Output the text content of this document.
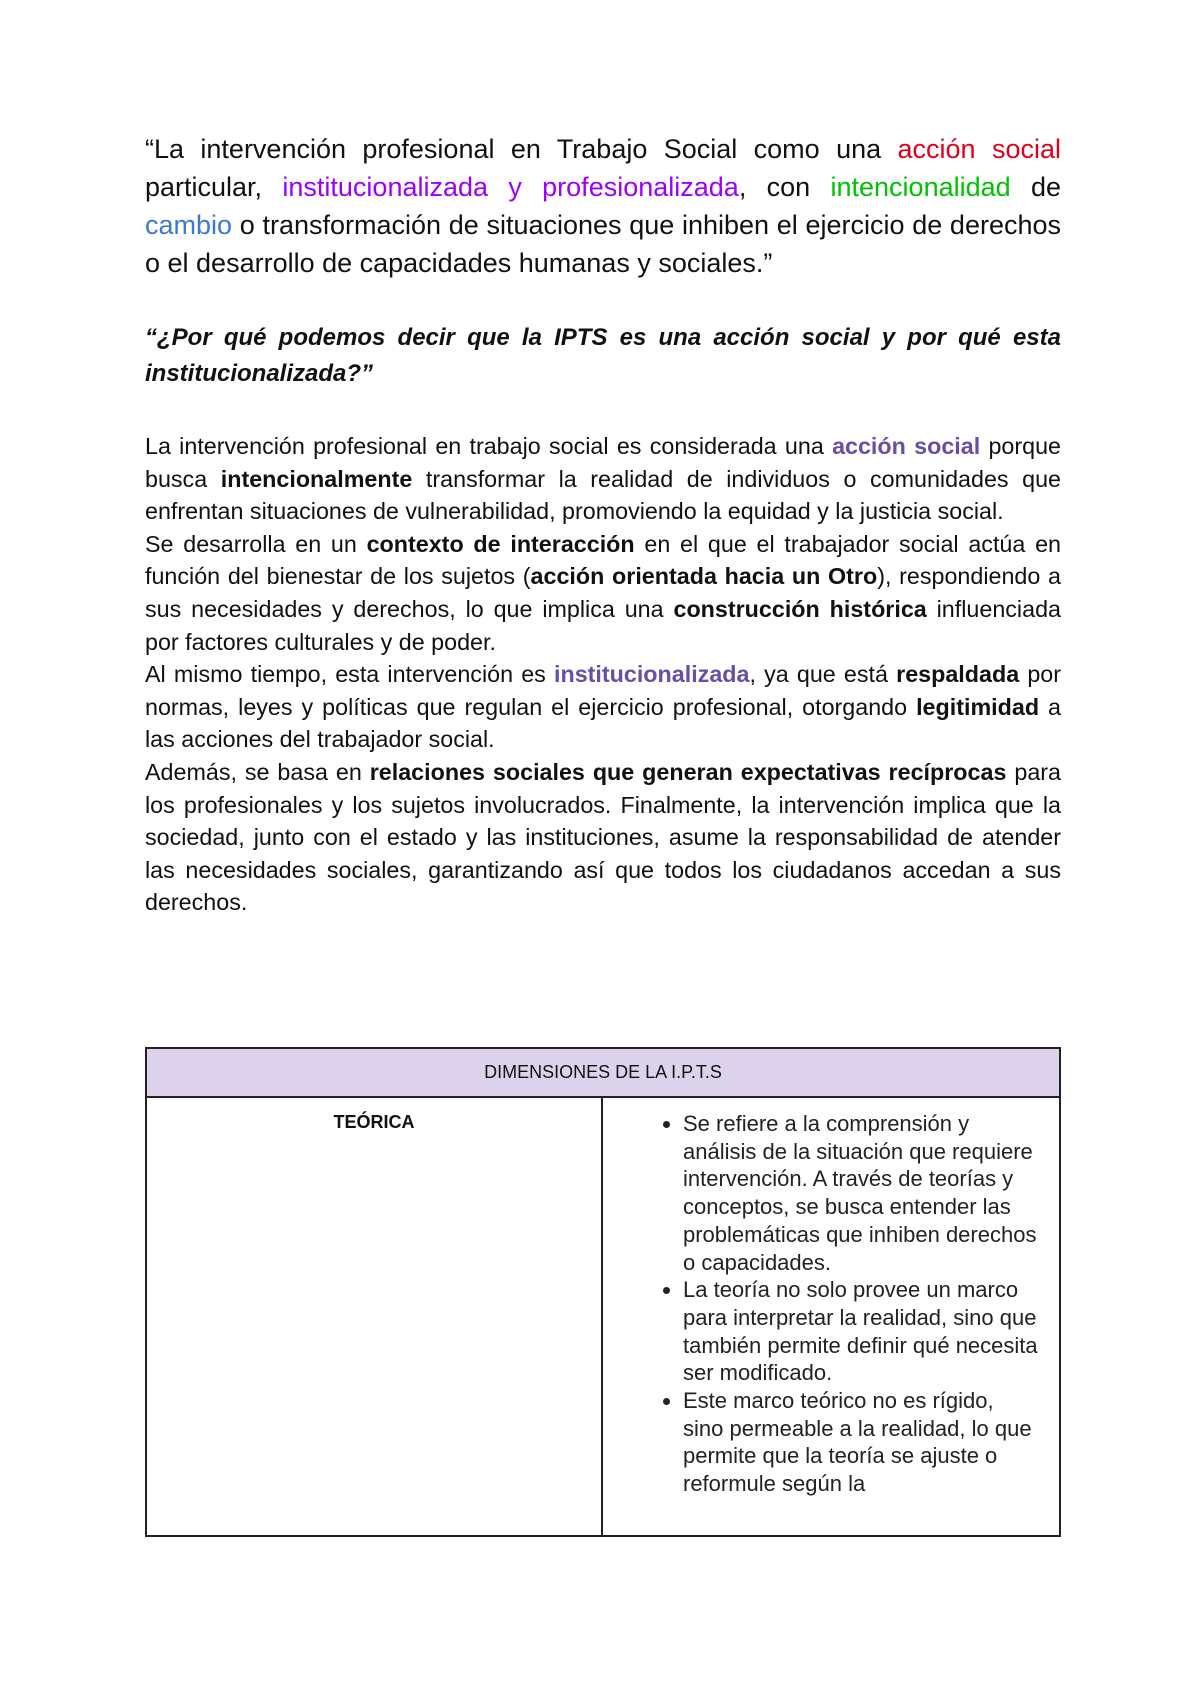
“La intervención profesional en Trabajo Social como una acción social particular, institucionalizada y profesionalizada, con intencionalidad de cambio o transformación de situaciones que inhiben el ejercicio de derechos o el desarrollo de capacidades humanas y sociales.”

“¿Por qué podemos decir que la IPTS es una acción social y por qué esta institucionalizada?”

La intervención profesional en trabajo social es considerada una acción social porque busca intencionalmente transformar la realidad de individuos o comunidades que enfrentan situaciones de vulnerabilidad, promoviendo la equidad y la justicia social.

Se desarrolla en un contexto de interacción en el que el trabajador social actúa en función del bienestar de los sujetos (acción orientada hacia un Otro), respondiendo a sus necesidades y derechos, lo que implica una construcción histórica influenciada por factores culturales y de poder.

Al mismo tiempo, esta intervención es institucionalizada, ya que está respaldada por normas, leyes y políticas que regulan el ejercicio profesional, otorgando legitimidad a las acciones del trabajador social.

Además, se basa en relaciones sociales que generan expectativas recíprocas para los profesionales y los sujetos involucrados. Finalmente, la intervención implica que la sociedad, junto con el estado y las instituciones, asume la responsabilidad de atender las necesidades sociales, garantizando así que todos los ciudadanos accedan a sus derechos.

DIMENSIONES DE LA I.P.T.S
TEÓRICA
•	Se refiere a la comprensión y análisis de la situación que requiere intervención. A través de teorías y conceptos, se busca entender las problemáticas que inhiben derechos o capacidades.
• La teoría no solo provee un marco para interpretar la realidad, sino que también permite definir qué necesita ser modificado.
• Este marco teórico no es rígido, sino permeable a la realidad, lo que permite que la teoría se ajuste o reformule según la
